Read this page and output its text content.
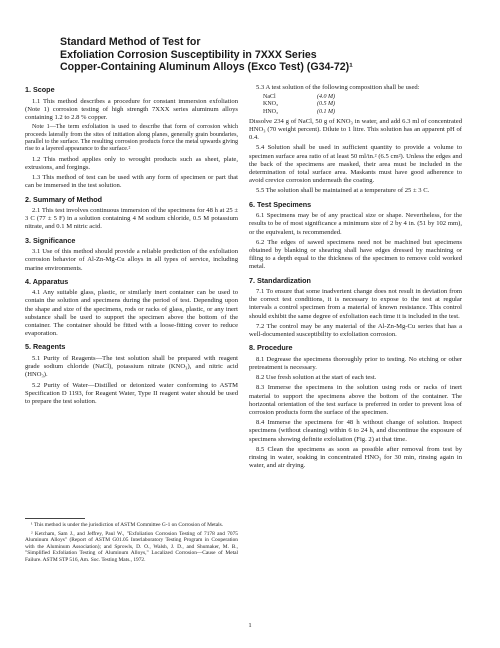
Standard Method of Test for
Exfoliation Corrosion Susceptibility in 7XXX Series
Copper-Containing Aluminum Alloys (Exco Test) (G34-72)¹
1. Scope

1.1 This method describes a procedure for constant immersion exfoliation (Note 1) corrosion testing of high strength 7XXX series aluminum alloys containing 1.2 to 2.8 % copper.

Note 1—The term exfoliation is used to describe that form of corrosion which proceeds laterally from the sites of initiation along planes, generally grain boundaries, parallel to the surface. The resulting corrosion products force the metal upwards giving rise to a layered appearance to the surface.²

1.2 This method applies only to wrought products such as sheet, plate, extrusions, and forgings.

1.3 This method of test can be used with any form of specimen or part that can be immersed in the test solution.

2. Summary of Method

2.1 This test involves continuous immersion of the specimens for 48 h at 25 ± 3 C (77 ± 5 F) in a solution containing 4 M sodium chloride, 0.5 M potassium nitrate, and 0.1 M nitric acid.

3. Significance

3.1 Use of this method should provide a reliable prediction of the exfoliation corrosion behavior of Al-Zn-Mg-Cu alloys in all types of service, including marine environments.

4. Apparatus

4.1 Any suitable glass, plastic, or similarly inert container can be used to contain the solution and specimens during the period of test. Depending upon the shape and size of the specimens, rods or racks of glass, plastic, or any inert substance shall be used to support the specimen above the bottom of the container. The container should be fitted with a loose-fitting cover to reduce evaporation.

5. Reagents

5.1 Purity of Reagents—The test solution shall be prepared with reagent grade sodium chloride (NaCl), potassium nitrate (KNO₃), and nitric acid (HNO₃).

5.2 Purity of Water—Distilled or deionized water conforming to ASTM Specification D 1193, for Reagent Water, Type II reagent water should be used to prepare the test solution.

5.3 A test solution of the following composition shall be used:

NaCl	(4.0 M)
KNO₃	(0.5 M)
HNO₃	(0.1 M)

Dissolve 234 g of NaCl, 50 g of KNO₃ in water, and add 6.3 ml of concentrated HNO₃ (70 weight percent). Dilute to 1 litre. This solution has an apparent pH of 0.4.

5.4 Solution shall be used in sufficient quantity to provide a volume to specimen surface area ratio of at least 50 ml/in.² (6.5 cm²). Unless the edges and the back of the specimens are masked, their area must be included in the determination of total surface area. Maskants must have good adherence to avoid crevice corrosion underneath the coating.

5.5 The solution shall be maintained at a temperature of 25 ± 3 C.

6. Test Specimens

6.1 Specimens may be of any practical size or shape. Nevertheless, for the results to be of most significance a minimum size of 2 by 4 in. (51 by 102 mm), or the equivalent, is recommended.

6.2 The edges of sawed specimens need not be machined but specimens obtained by blanking or shearing shall have edges dressed by machining or filing to a depth equal to the thickness of the specimen to remove cold worked metal.

7. Standardization

7.1 To ensure that some inadvertent change does not result in deviation from the correct test conditions, it is necessary to expose to the test at regular intervals a control specimen from a material of known resistance. This control should exhibit the same degree of exfoliation each time it is included in the test.

7.2 The control may be any material of the Al-Zn-Mg-Cu series that has a well-documented susceptibility to exfoliation corrosion.

8. Procedure

8.1 Degrease the specimens thoroughly prior to testing. No etching or other pretreatment is necessary.

8.2 Use fresh solution at the start of each test.

8.3 Immerse the specimens in the solution using rods or racks of inert material to support the specimens above the bottom of the container. The horizontal orientation of the test surface is preferred in order to prevent loss of corrosion products form the surface of the specimen.

8.4 Immerse the specimens for 48 h without change of solution. Inspect specimens (without cleaning) within 6 to 24 h, and discontinue the exposure of specimens showing definite exfoliation (Fig. 2) at that time.

8.5 Clean the specimens as soon as possible after removal from test by rinsing in water, soaking in concentrated HNO₃ for 30 min, rinsing again in water, and air drying.

¹ This method is under the jurisdiction of ASTM Committee G-1 on Corrosion of Metals.

² Ketcham, Sam J., and Jeffrey, Paul W., "Exfoliation Corrosion Testing of 7178 and 7075 Aluminum Alloys" (Report of ASTM G01.05 Interlaboratory Testing Program in Cooperation with the Aluminum Association); and Sprowls, D. O., Walsh, J. D., and Shumaker, M. B., "Simplified Exfoliation Testing of Aluminum Alloys," Localized Corrosion—Cause of Metal Failure. ASTM STP 516, Am. Soc. Testing Mats., 1972.

1
